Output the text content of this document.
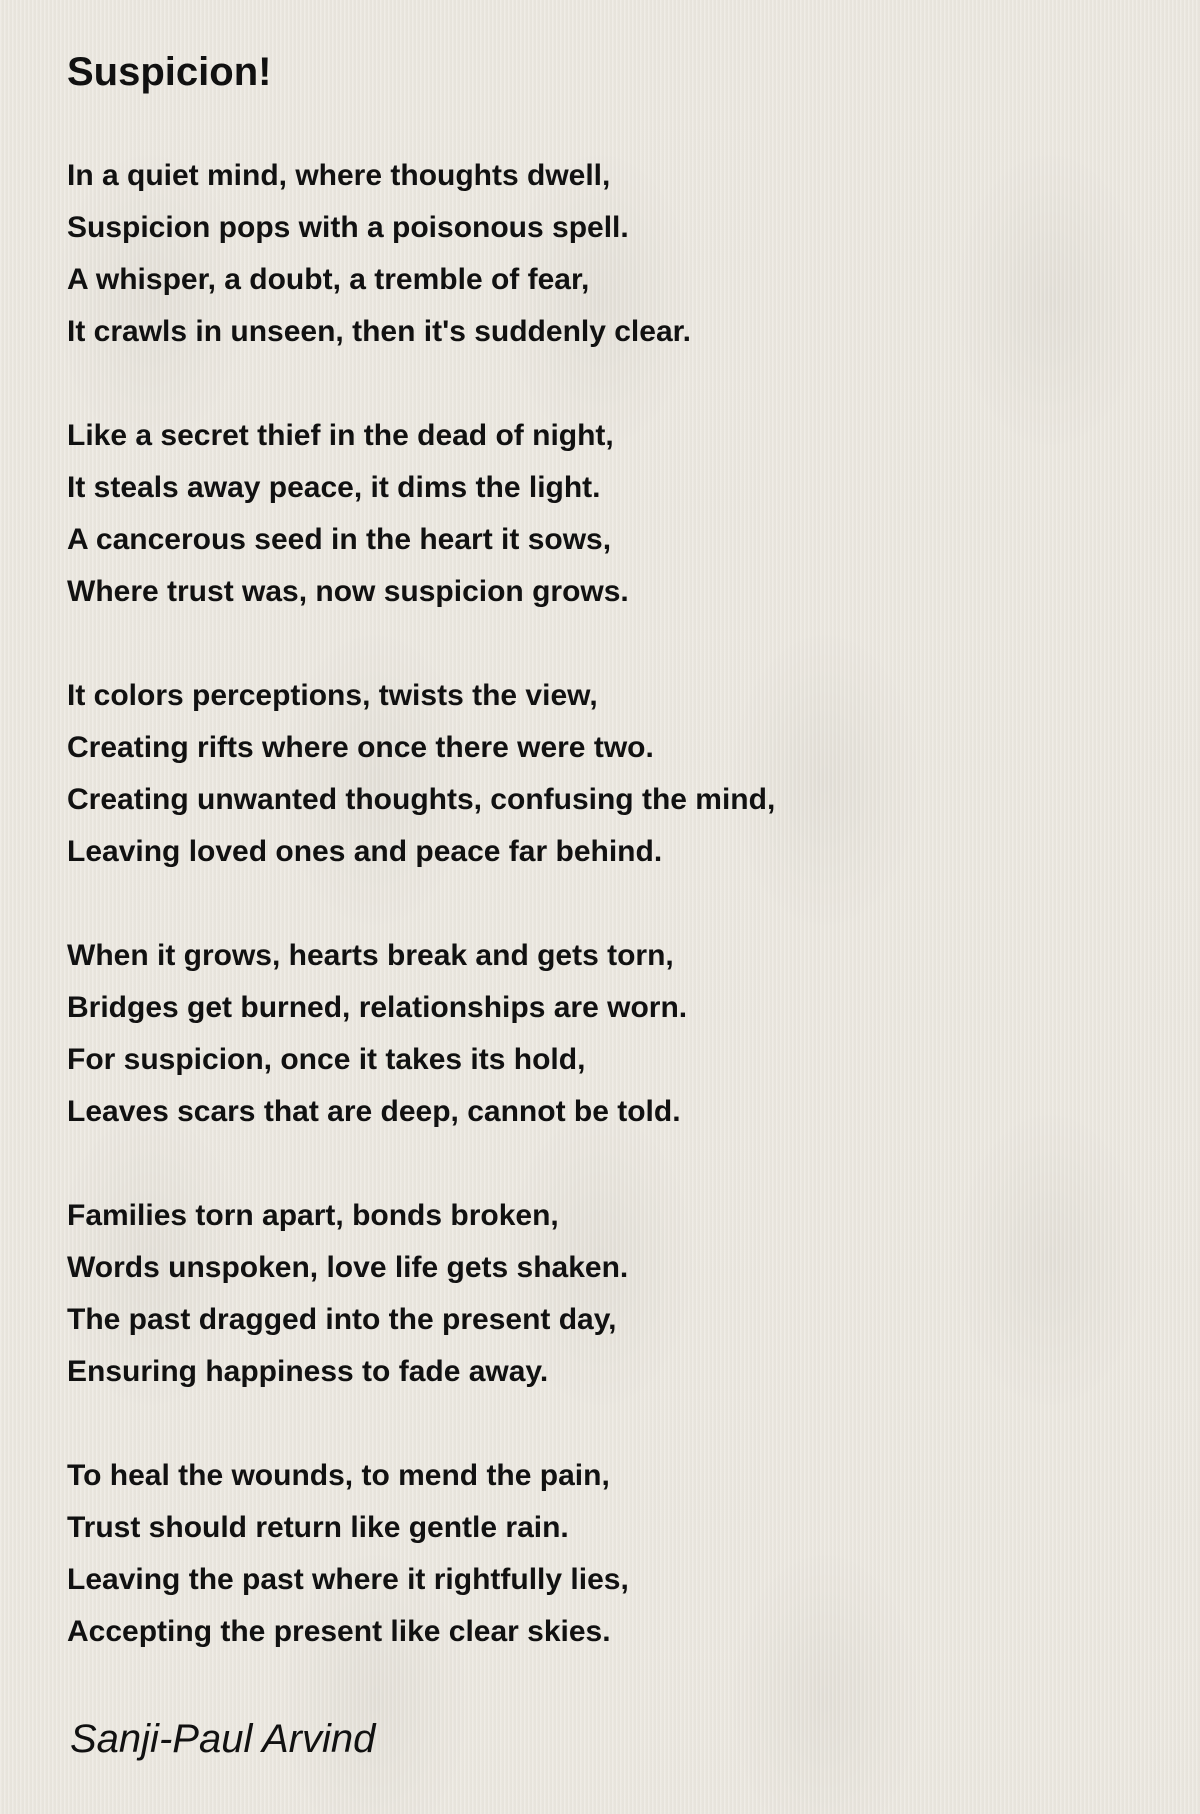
Suspicion!
In a quiet mind, where thoughts dwell,
Suspicion pops with a poisonous spell.
A whisper, a doubt, a tremble of fear,
It crawls in unseen, then it's suddenly clear.
Like a secret thief in the dead of night,
It steals away peace, it dims the light.
A cancerous seed in the heart it sows,
Where trust was, now suspicion grows.
It colors perceptions, twists the view,
Creating rifts where once there were two.
Creating unwanted thoughts, confusing the mind,
Leaving loved ones and peace far behind.
When it grows, hearts break and gets torn,
Bridges get burned, relationships are worn.
For suspicion, once it takes its hold,
Leaves scars that are deep, cannot be told.
Families torn apart, bonds broken,
Words unspoken, love life gets shaken.
The past dragged into the present day,
Ensuring happiness to fade away.
To heal the wounds, to mend the pain,
Trust should return like gentle rain.
Leaving the past where it rightfully lies,
Accepting the present like clear skies.
Sanji-Paul Arvind
